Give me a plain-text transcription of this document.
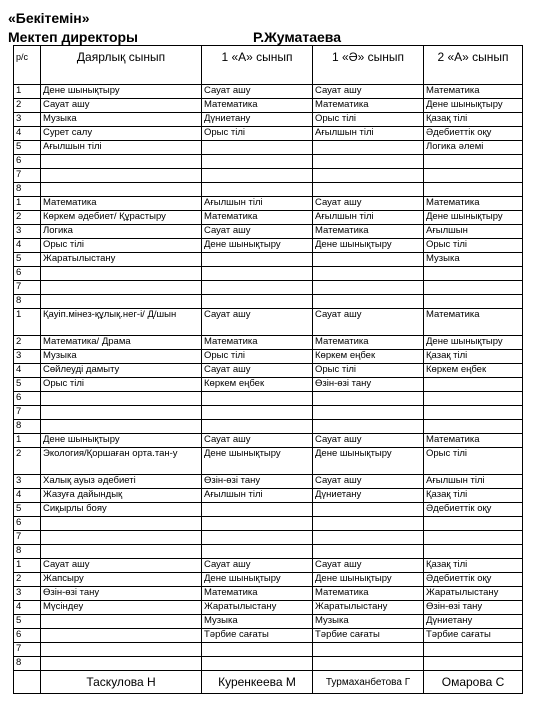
«Бекітемін»
Мектеп директоры	Р.Жуматаева
р/с	Даярлық сынып	1 «А» сынып	1 «Ә» сынып	2 «А» сынып
1	Дене шынықтыру	Сауат ашу	Сауат ашу	Математика
2	Сауат ашу	Математика	Математика	Дене шынықтыру
3	Музыка	Дүниетану	Орыс тілі	Қазақ тілі
4	Сурет салу	Орыс тілі	Ағылшын тілі	Әдебиеттік оқу
5	Ағылшын тілі			Логика әлемі
6				
7				
8				
1	Математика	Ағылшын тілі	Сауат ашу	Математика
2	Көркем әдебиет/ Құрастыру	Математика	Ағылшын тілі	Дене шынықтыру
3	Логика	Сауат ашу	Математика	Ағылшын
4	Орыс тілі	Дене шынықтыру	Дене шынықтыру	Орыс тілі
5	Жаратылыстану			Музыка
6				
7				
8				
1	Қауіп.мінез-құлық.нег-і/ Д/шын	Сауат ашу	Сауат ашу	Математика
2	Математика/ Драма	Математика	Математика	Дене шынықтыру
3	Музыка	Орыс тілі	Көркем еңбек	Қазақ тілі
4	Сөйлеуді дамыту	Сауат ашу	Орыс тілі	Көркем еңбек
5	Орыс тілі	Көркем еңбек	Өзін-өзі тану	
6				
7				
8				
1	Дене шынықтыру	Сауат ашу	Сауат ашу	Математика
2	Экология/Қоршаған орта.тан-у	Дене шынықтыру	Дене шынықтыру	Орыс тілі
3	Халық ауыз әдебиеті	Өзін-өзі тану	Сауат ашу	Ағылшын тілі
4	Жазуға дайындық	Ағылшын тілі	Дүниетану	Қазақ тілі
5	Сиқырлы бояу			Әдебиеттік оқу
6				
7				
8				
1	Сауат ашу	Сауат ашу	Сауат ашу	Қазақ тілі
2	Жапсыру	Дене шынықтыру	Дене шынықтыру	Әдебиеттік оқу
3	Өзін-өзі тану	Математика	Математика	Жаратылыстану
4	Мүсіндеу	Жаратылыстану	Жаратылыстану	Өзін-өзі тану
5		Музыка	Музыка	Дүниетану
6		Тәрбие сағаты	Тәрбие сағаты	Тәрбие сағаты
7				
8				
	Таскулова Н	Куренкеева М	Турмаханбетова Г	Омарова С
